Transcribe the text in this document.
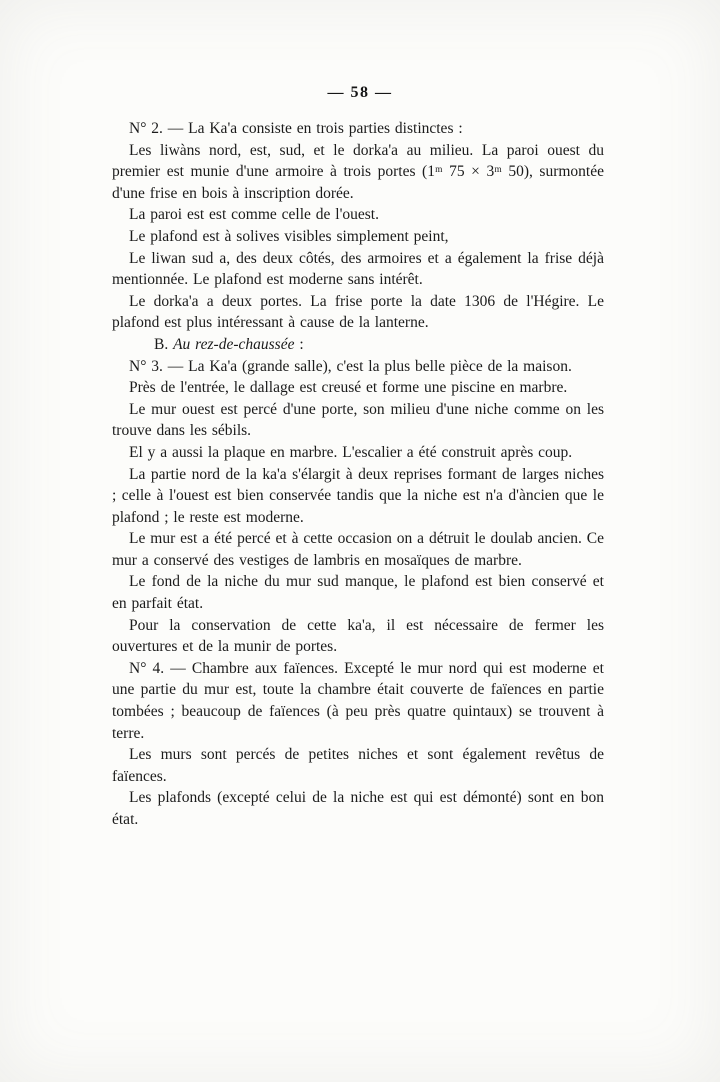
— 58 —

N° 2. — La Ka'a consiste en trois parties distinctes :

Les liwàns nord, est, sud, et le dorka'a au milieu. La paroi ouest du premier est munie d'une armoire à trois portes (1ᵐ 75 × 3ᵐ 50), surmontée d'une frise en bois à inscription dorée.

La paroi est est comme celle de l'ouest.

Le plafond est à solives visibles simplement peint,

Le liwan sud a, des deux côtés, des armoires et a également la frise déjà mentionnée. Le plafond est moderne sans intérêt.

Le dorka'a a deux portes. La frise porte la date 1306 de l'Hégire. Le plafond est plus intéressant à cause de la lanterne.

B. Au rez-de-chaussée :

N° 3. — La Ka'a (grande salle), c'est la plus belle pièce de la maison.

Près de l'entrée, le dallage est creusé et forme une piscine en marbre.

Le mur ouest est percé d'une porte, son milieu d'une niche comme on les trouve dans les sébils.

El y a aussi la plaque en marbre. L'escalier a été construit après coup.

La partie nord de la ka'a s'élargit à deux reprises formant de larges niches ; celle à l'ouest est bien conservée tandis que la niche est n'a d'àncien que le plafond ; le reste est moderne.

Le mur est a été percé et à cette occasion on a détruit le doulab ancien. Ce mur a conservé des vestiges de lambris en mosaïques de marbre.

Le fond de la niche du mur sud manque, le plafond est bien conservé et en parfait état.

Pour la conservation de cette ka'a, il est nécessaire de fermer les ouvertures et de la munir de portes.

N° 4. — Chambre aux faïences. Excepté le mur nord qui est moderne et une partie du mur est, toute la chambre était couverte de faïences en partie tombées ; beaucoup de faïences (à peu près quatre quintaux) se trouvent à terre.

Les murs sont percés de petites niches et sont également revêtus de faïences.

Les plafonds (excepté celui de la niche est qui est démonté) sont en bon état.
